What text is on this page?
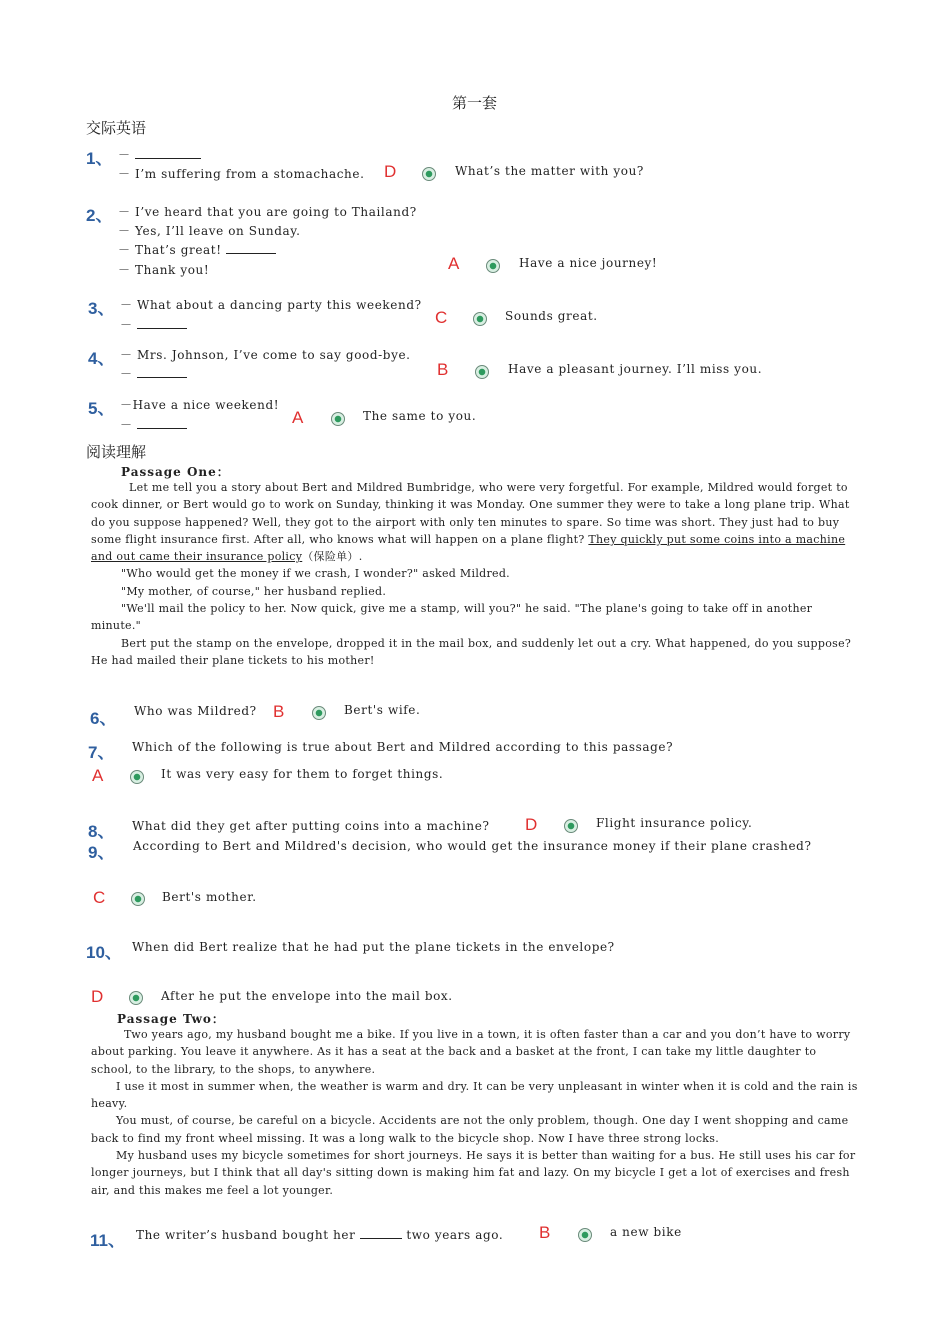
第一套
交际英语
1、 －
－ I’m suffering from a stomachache. D	What’s the matter with you?
2、 － I’ve heard that you are going to Thailand?
－ Yes, I’ll leave on Sunday.
－ That’s great!
－ Thank you!	A	Have a nice journey!
3、 － What about a dancing party this weekend?
－	C	Sounds great.
4、 － Mrs. Johnson, I’ve come to say good-bye.
－	B	Have a pleasant journey. I’ll miss you.
5、 －Have a nice weekend!
－	A	The same to you.
阅读理解
Passage One：

Let me tell you a story about Bert and Mildred Bumbridge, who were very forgetful. For example, Mildred would forget to cook dinner, or Bert would go to work on Sunday, thinking it was Monday. One summer they were to take a long plane trip. What do you suppose happened? Well, they got to the airport with only ten minutes to spare. So time was short. They just had to buy some flight insurance first. After all, who knows what will happen on a plane flight? They quickly put some coins into a machine and out came their insurance policy（保险单）.

"Who would get the money if we crash, I wonder?" asked Mildred.

"My mother, of course," her husband replied.

"We'll mail the policy to her. Now quick, give me a stamp, will you?" he said. "The plane's going to take off in another minute."

Bert put the stamp on the envelope, dropped it in the mail box, and suddenly let out a cry. What happened, do you suppose? He had mailed their plane tickets to his mother!

6、 Who was Mildred? B	Bert's wife.
7、 Which of the following is true about Bert and Mildred according to this passage?
A	It was very easy for them to forget things.
8、 What did they get after putting coins into a machine? D	Flight insurance policy.
9、 According to Bert and Mildred's decision, who would get the insurance money if their plane crashed?
C	Bert's mother.
10、 When did Bert realize that he had put the plane tickets in the envelope?
D	After he put the envelope into the mail box.
Passage Two：

Two years ago, my husband bought me a bike. If you live in a town, it is often faster than a car and you don’t have to worry about parking. You leave it anywhere. As it has a seat at the back and a basket at the front, I can take my little daughter to school, to the library, to the shops, to anywhere.

I use it most in summer when, the weather is warm and dry. It can be very unpleasant in winter when it is cold and the rain is heavy.

You must, of course, be careful on a bicycle. Accidents are not the only problem, though. One day I went shopping and came back to find my front wheel missing. It was a long walk to the bicycle shop. Now I have three strong locks.

My husband uses my bicycle sometimes for short journeys. He says it is better than waiting for a bus. He still uses his car for longer journeys, but I think that all day's sitting down is making him fat and lazy. On my bicycle I get a lot of exercises and fresh air, and this makes me feel a lot younger.

11、 The writer’s husband bought her	two years ago. B	a new bike
